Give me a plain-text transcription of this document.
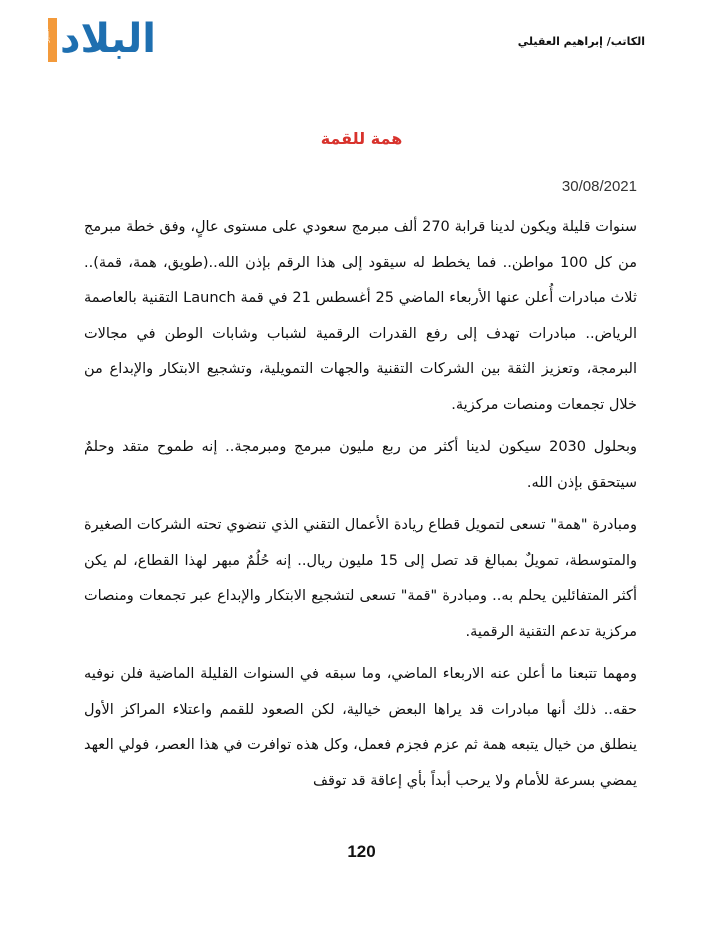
التميز البلاد	الكاتب/ إبراهيم العقيلي
همة للقمة
30/08/2021

سنوات قليلة ويكون لدينا قرابة 270 ألف مبرمج سعودي على مستوى عالٍ، وفق خطة مبرمج من كل 100 مواطن.. فما يخطط له سيقود إلى هذا الرقم بإذن الله..(طويق، همة، قمة).. ثلاث مبادرات أُعلن عنها الأربعاء الماضي 25 أغسطس 21 في قمة Launch التقنية بالعاصمة الرياض.. مبادرات تهدف إلى رفع القدرات الرقمية لشباب وشابات الوطن في مجالات البرمجة، وتعزيز الثقة بين الشركات التقنية والجهات التمويلية، وتشجيع الابتكار والإبداع من خلال تجمعات ومنصات مركزية.

وبحلول 2030 سيكون لدينا أكثر من ربع مليون مبرمج ومبرمجة.. إنه طموح متقد وحلمٌ سيتحقق بإذن الله.

ومبادرة "همة" تسعى لتمويل قطاع ريادة الأعمال التقني الذي تنضوي تحته الشركات الصغيرة والمتوسطة، تمويلٌ بمبالغ قد تصل إلى 15 مليون ريال.. إنه حُلُمٌ مبهر لهذا القطاع، لم يكن أكثر المتفائلين يحلم به.. ومبادرة "قمة" تسعى لتشجيع الابتكار والإبداع عبر تجمعات ومنصات مركزية تدعم التقنية الرقمية.

ومهما تتبعنا ما أعلن عنه الاربعاء الماضي، وما سبقه في السنوات القليلة الماضية فلن نوفيه حقه.. ذلك أنها مبادرات قد يراها البعض خيالية، لكن الصعود للقمم واعتلاء المراكز الأول ينطلق من خيال يتبعه همة ثم عزم فجزم فعمل، وكل هذه توافرت في هذا العصر، فولي العهد يمضي بسرعة للأمام ولا يرحب أبداً بأي إعاقة قد توقف

120
